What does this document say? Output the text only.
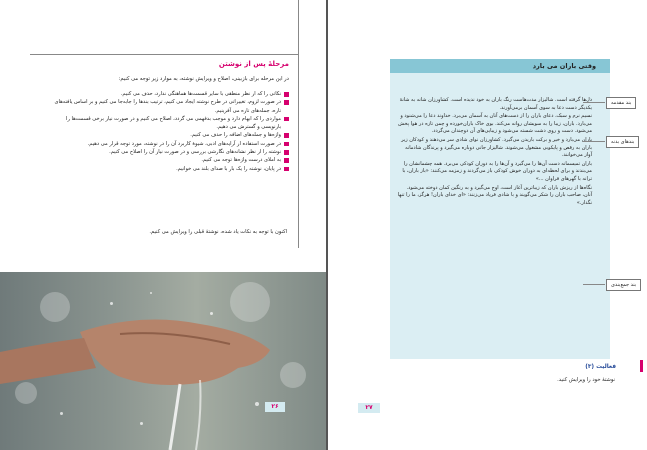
مرحلهٔ پس از نوشتن
در این مرحله برای بازبینی، اصلاح و ویرایش نوشته، به موارد زیر توجه می کنیم:
نکاتی را که از نظر منطقی با سایر قسمت‌ها هماهنگی ندارد، حذف می کنیم.
در صورت لزوم، تغییراتی در طرح نوشته ایجاد می کنیم، ترتیب بندها را جابه‌جا می کنیم و بر اساس یافته‌های تازه، جمله‌های تازه می آفرینیم.
مواردی را که ابهام دارد و موجب بدفهمی می گردد، اصلاح می کنیم و در صورت نیاز برخی قسمت‌ها را بازنویسی و گسترش می دهیم.
واژه‌ها و جمله‌های اضافه را حذف می کنیم.
در صورت استفاده از آرایه‌های ادبی، شیوهٔ کاربرد آن را در نوشته، مورد توجه قرار می دهیم.
نوشته را از نظر نشانه‌های نگارشی بررسی و در صورت نیاز آن را اصلاح می کنیم.
به املای درست واژه‌ها توجه می کنیم.
در پایان، نوشته را یک بار با صدای بلند می خوانیم.
اکنون با توجه به نکات یاد شده، نوشتهٔ قبلی را ویرایش می کنیم.
۲۶
وقتی باران می بارد

دل‌ها گرفته است. شالیزار مدت‌هاست رنگ باران به خود ندیده است. کشاورزان شانه به شانهٔ یکدیگر دست دعا به سوی آسمان برمی‌آورند.

نسیم نرم و سبک، دعای باران را از دست‌های آنان به آسمان می‌برد. خداوند دعا را می‌شنود و می‌بارد. باران، زیبا را به سویشان روانه می‌کند. بوی خاک باران‌خورده و چمن تازه در هوا پخش می‌شود. دست و روی دشت شسته می‌شود و زیبایی‌های آن دوچندان می‌گردد.

باران می‌بارد و خیر و برکت باریدن می‌گیرد. کشاورزان نوای شادی سر می‌دهند و کودکان زیر باران به رقص و پایکوبی مشغول می‌شوند. شالیزار جانی دوباره می‌گیرد و پرندگان شادمانه آواز می‌خوانند.

باران تمیسمانه دست آن‌ها را می‌گیرد و آن‌ها را به دوران کودکی می‌برد. همه چشمانشان را می‌بندند و برای لحظه‌ای به دوران خوش کودکی باز می‌گردند و زمزمه می‌کنند: «باز باران، با ترانه با گهرهای فراوان ...»

نگاه‌ها از ریزش باران که زیباترین آغاز است، اوج می‌گیرد و به رنگین کمان دوخته می‌شود. آنان، صاحب باران را شکر می‌گویند و با شادی فریاد می‌زنند: «ای خدای باران! هرگز، ما را تنها نگذار.»

بند مقدمه
بندهای بدنه
بند جمع‌بندی
فعالیت (۳)
نوشتهٔ خود را ویرایش کنید.
۲۷
